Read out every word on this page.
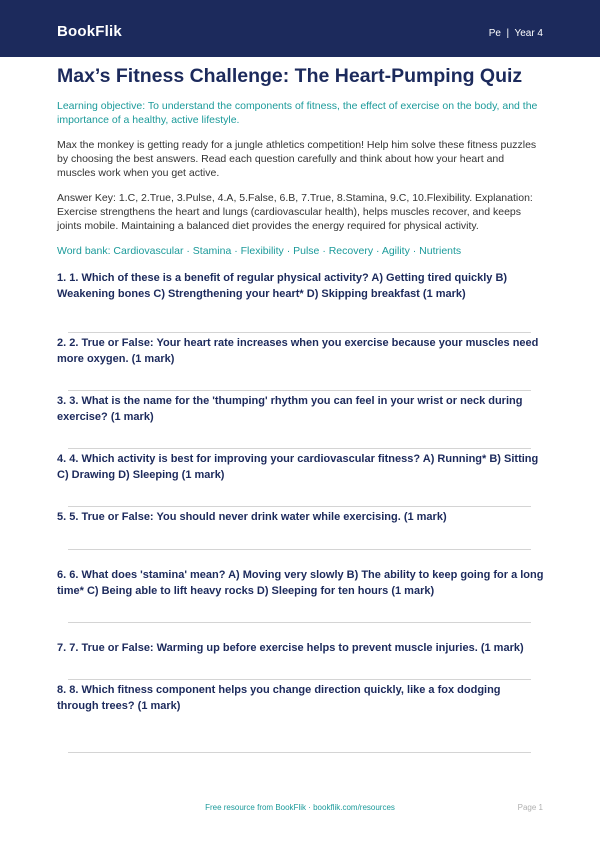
BookFlik	Pe  |  Year 4
Max’s Fitness Challenge: The Heart-Pumping Quiz

Learning objective: To understand the components of fitness, the effect of exercise on the body, and the importance of a healthy, active lifestyle.

Max the monkey is getting ready for a jungle athletics competition! Help him solve these fitness puzzles by choosing the best answers. Read each question carefully and think about how your heart and muscles work when you get active.

Answer Key: 1.C, 2.True, 3.Pulse, 4.A, 5.False, 6.B, 7.True, 8.Stamina, 9.C, 10.Flexibility. Explanation: Exercise strengthens the heart and lungs (cardiovascular health), helps muscles recover, and keeps joints mobile. Maintaining a balanced diet provides the energy required for physical activity.

Word bank: Cardiovascular · Stamina · Flexibility · Pulse · Recovery · Agility · Nutrients

1. 1. Which of these is a benefit of regular physical activity? A) Getting tired quickly B) Weakening bones C) Strengthening your heart* D) Skipping breakfast (1 mark)

2. 2. True or False: Your heart rate increases when you exercise because your muscles need more oxygen. (1 mark)

3. 3. What is the name for the 'thumping' rhythm you can feel in your wrist or neck during exercise? (1 mark)

4. 4. Which activity is best for improving your cardiovascular fitness? A) Running* B) Sitting C) Drawing D) Sleeping (1 mark)

5. 5. True or False: You should never drink water while exercising. (1 mark)

6. 6. What does 'stamina' mean? A) Moving very slowly B) The ability to keep going for a long time* C) Being able to lift heavy rocks D) Sleeping for ten hours (1 mark)

7. 7. True or False: Warming up before exercise helps to prevent muscle injuries. (1 mark)

8. 8. Which fitness component helps you change direction quickly, like a fox dodging through trees? (1 mark)

Free resource from BookFlik · bookflik.com/resources	Page 1
